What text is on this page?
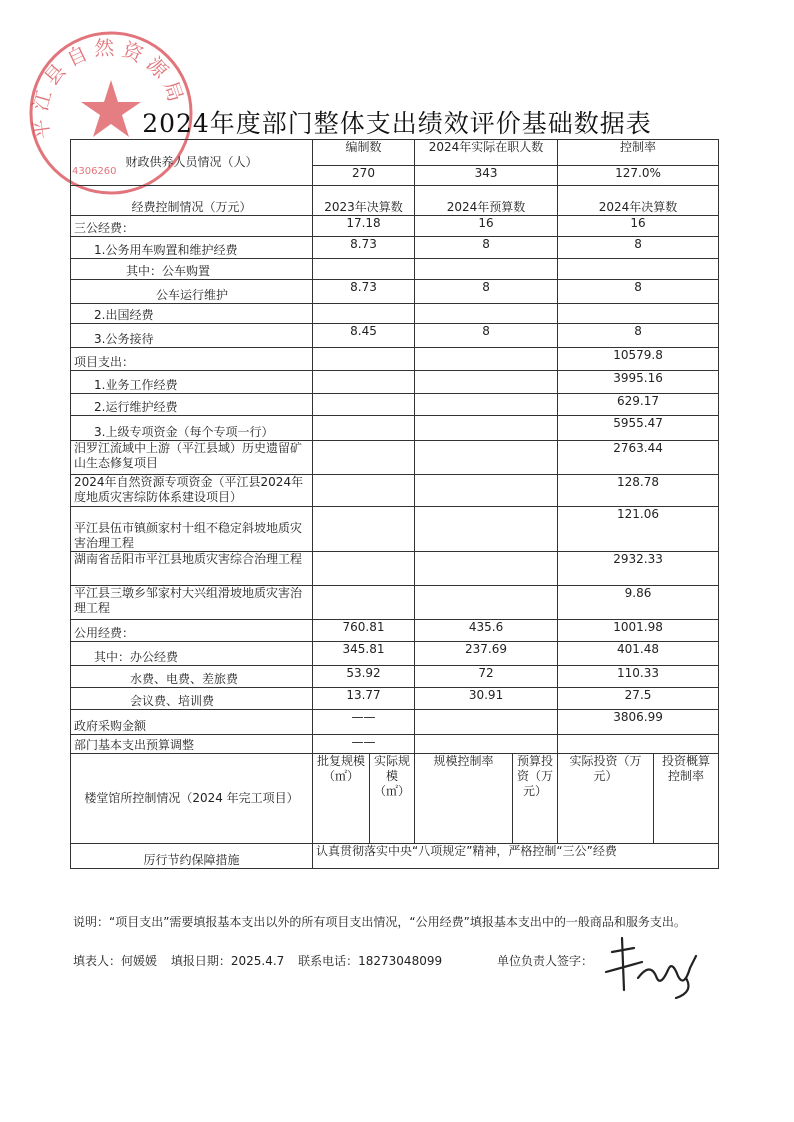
平江县自然资源局
4306260
2024年度部门整体支出绩效评价基础数据表
财政供养人员情况（人）	编制数		2024年实际在职人数		控制率	
	270		343		127.0%	
经费控制情况（万元）	2023年决算数		2024年预算数		2024年决算数	
三公经费：	17.18		16		16	
1.公务用车购置和维护经费	8.73		8		8	
其中：公车购置						
公车运行维护	8.73		8		8	
2.出国经费						
3.公务接待	8.45		8		8	
项目支出：					10579.8	
1.业务工作经费					3995.16	
2.运行维护经费					629.17	
3.上级专项资金（每个专项一行）					5955.47	
汨罗江流域中上游（平江县域）历史遗留矿山生态修复项目					2763.44	
2024年自然资源专项资金（平江县2024年度地质灾害综防体系建设项目）					128.78	
平江县伍市镇颜家村十组不稳定斜坡地质灾害治理工程					121.06	
湖南省岳阳市平江县地质灾害综合治理工程					2932.33	
平江县三墩乡邹家村大兴组滑坡地质灾害治理工程					9.86	
公用经费：	760.81		435.6		1001.98	
其中：办公经费	345.81		237.69		401.48	
水费、电费、差旅费	53.92		72		110.33	
会议费、培训费	13.77		30.91		27.5	
政府采购金额	——				3806.99	
部门基本支出预算调整	——					
楼堂馆所控制情况（2024 年完工项目）	批复规模（㎡）	实际规模（㎡）	规模控制率	预算投资（万元）	实际投资（万元）	投资概算控制率
厉行节约保障措施	认真贯彻落实中央“八项规定”精神，严格控制“三公”经费					
说明：“项目支出”需要填报基本支出以外的所有项目支出情况，“公用经费”填报基本支出中的一般商品和服务支出。
填表人：何媛媛 填报日期：2025.4.7 联系电话：18273048099	单位负责人签字：
